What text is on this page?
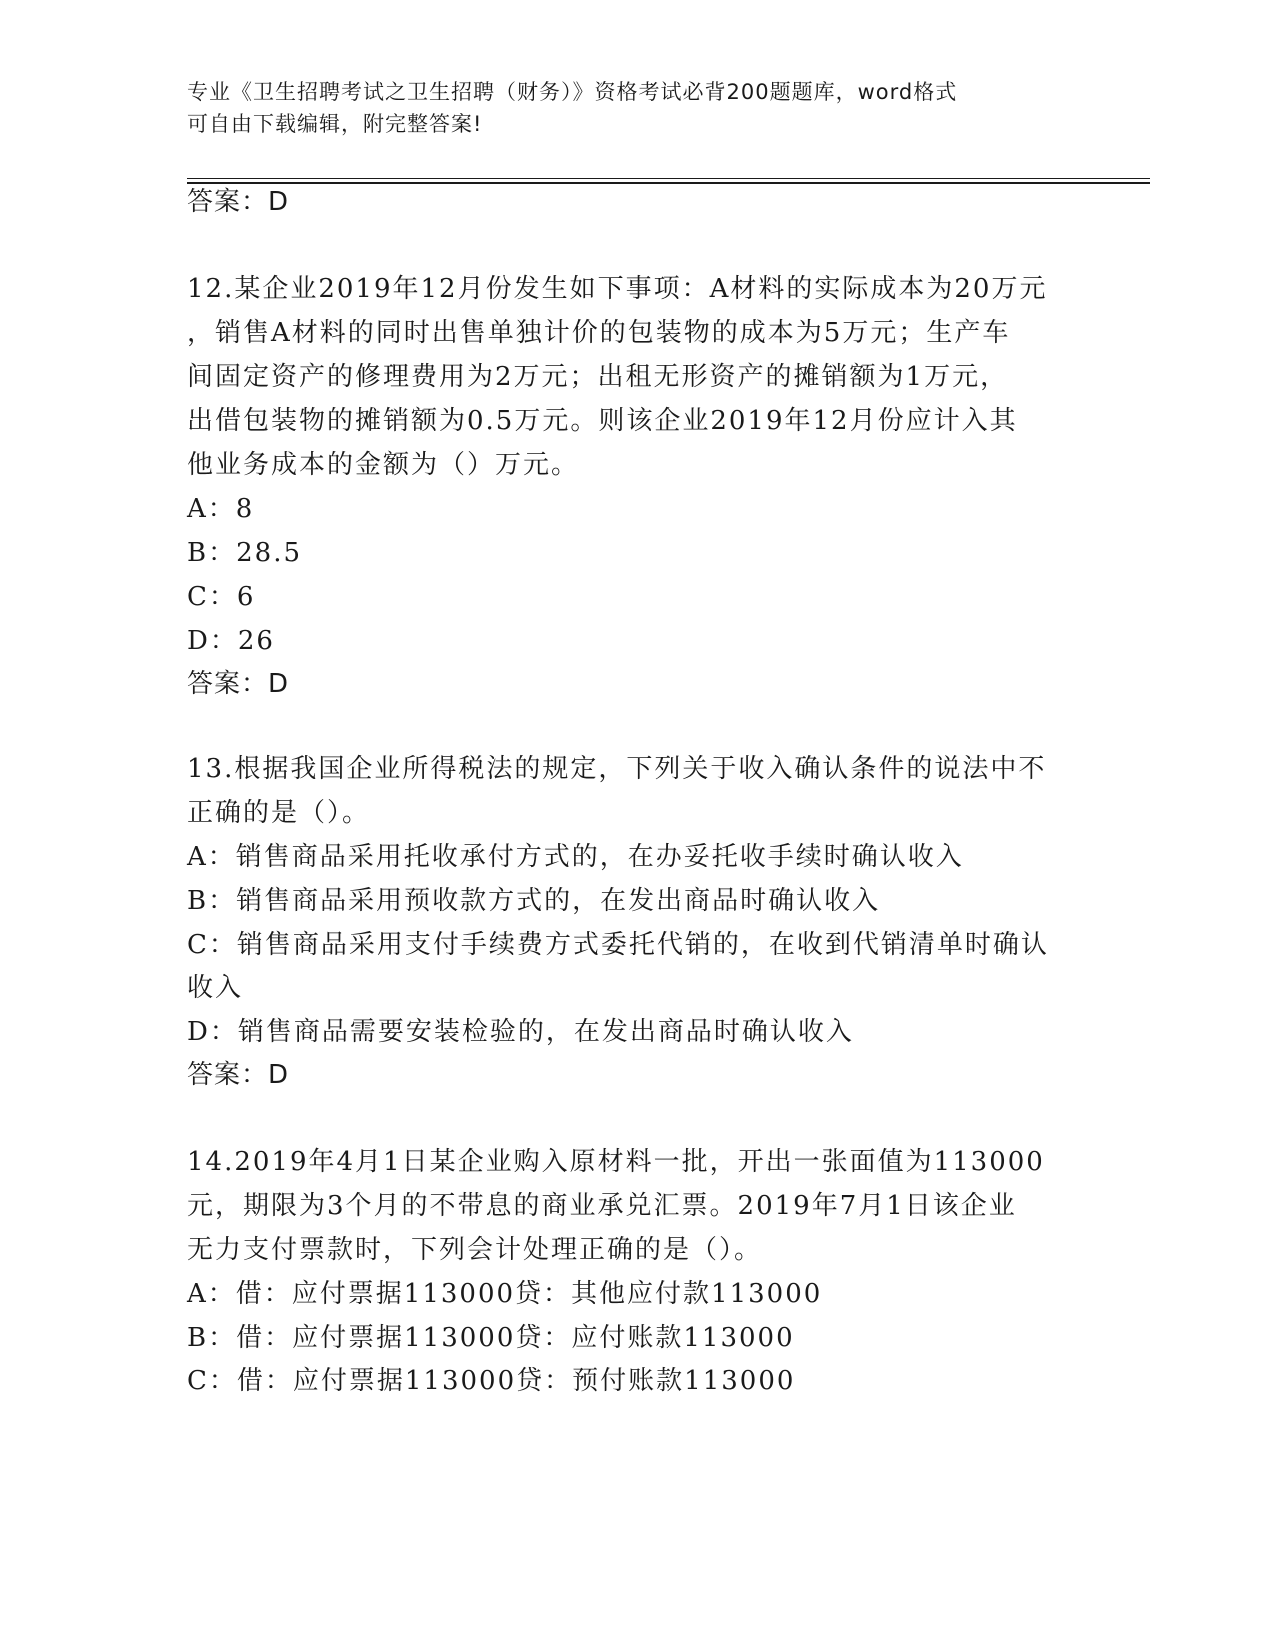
专业《卫生招聘考试之卫生招聘（财务）》资格考试必背200题题库，word格式
可自由下载编辑，附完整答案!
答案：D
12.某企业2019年12月份发生如下事项：A材料的实际成本为20万元
，销售A材料的同时出售单独计价的包装物的成本为5万元；生产车
间固定资产的修理费用为2万元；出租无形资产的摊销额为1万元，
出借包装物的摊销额为0.5万元。则该企业2019年12月份应计入其
他业务成本的金额为（）万元。
A：8
B：28.5
C：6
D：26
答案：D
13.根据我国企业所得税法的规定，下列关于收入确认条件的说法中不
正确的是（）。
A：销售商品采用托收承付方式的，在办妥托收手续时确认收入
B：销售商品采用预收款方式的，在发出商品时确认收入
C：销售商品采用支付手续费方式委托代销的，在收到代销清单时确认
收入
D：销售商品需要安装检验的，在发出商品时确认收入
答案：D
14.2019年4月1日某企业购入原材料一批，开出一张面值为113000
元，期限为3个月的不带息的商业承兑汇票。2019年7月1日该企业
无力支付票款时，下列会计处理正确的是（）。
A：借：应付票据113000贷：其他应付款113000
B：借：应付票据113000贷：应付账款113000
C：借：应付票据113000贷：预付账款113000
